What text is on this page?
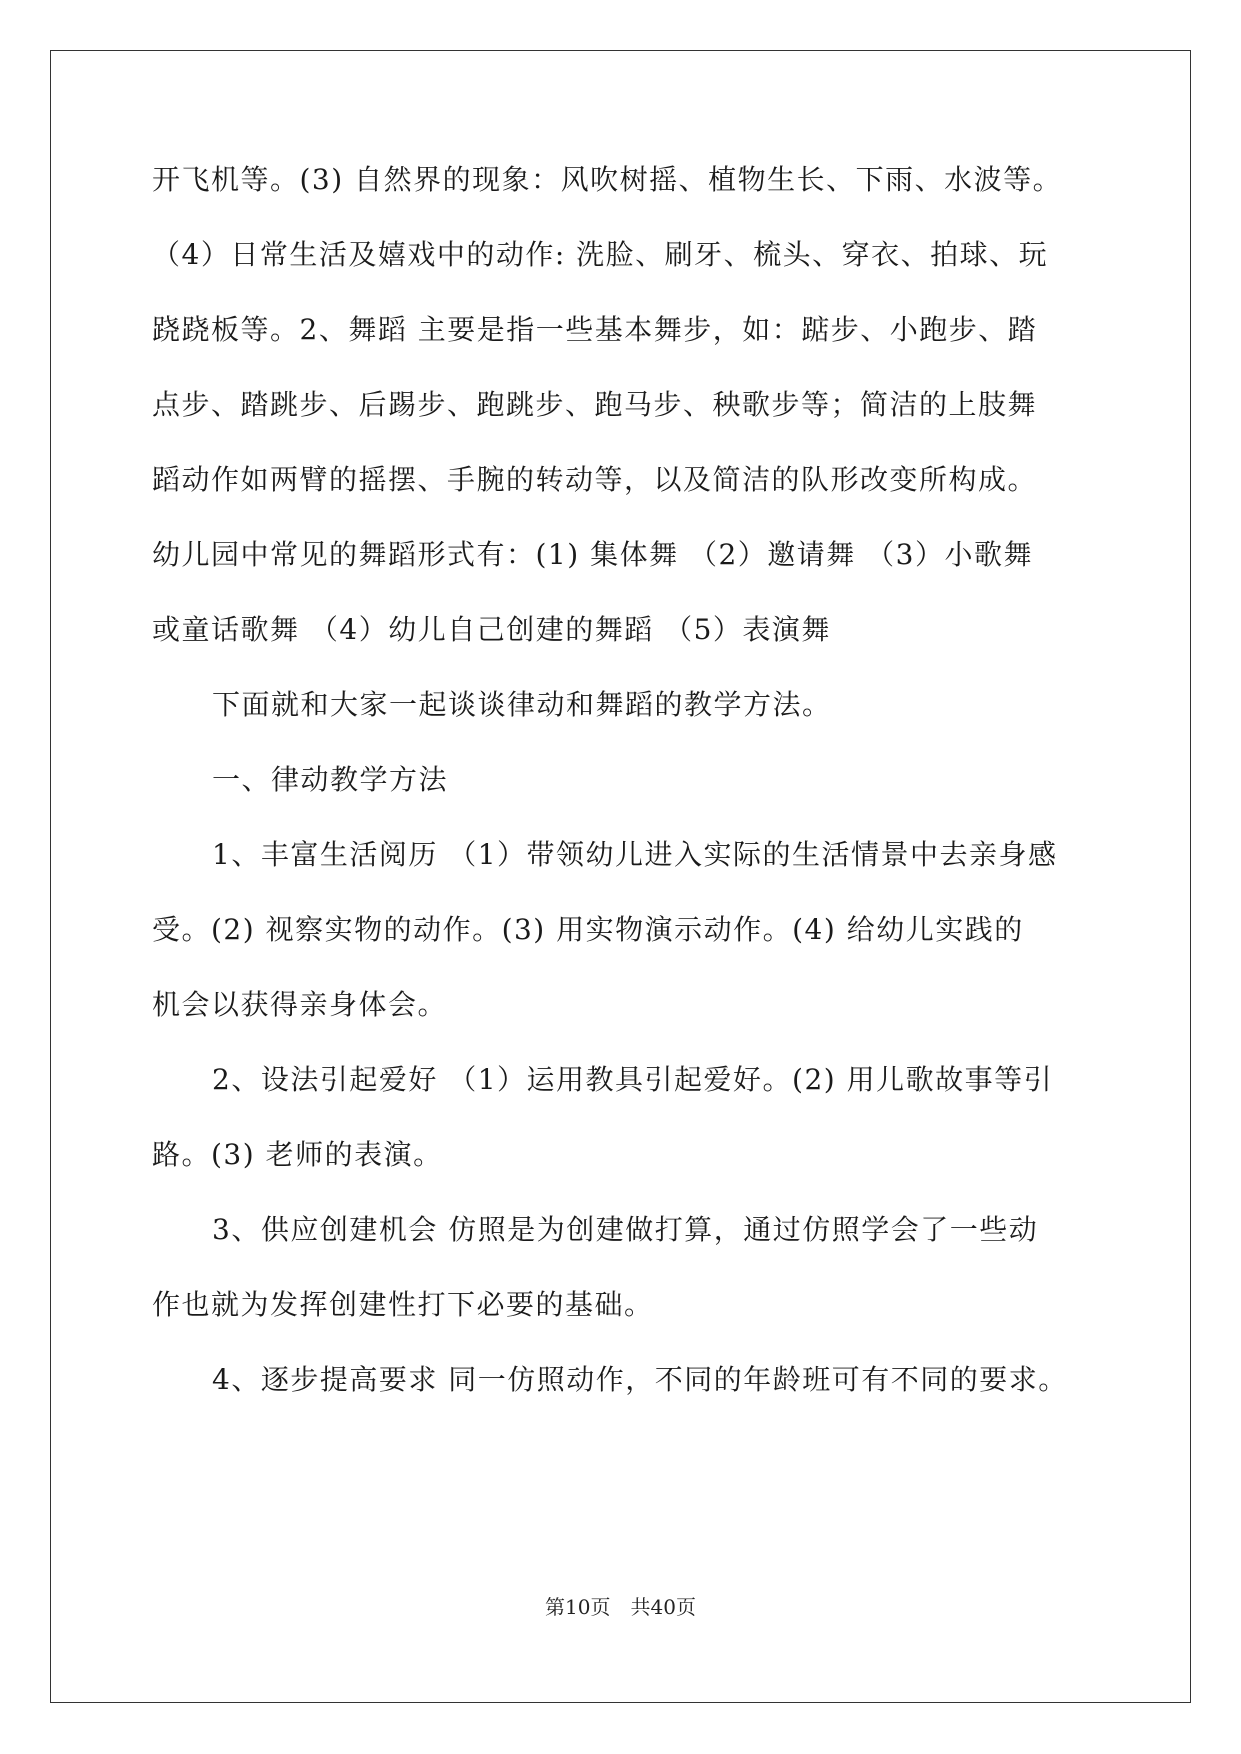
开飞机等。(3) 自然界的现象：风吹树摇、植物生长、下雨、水波等。
（4）日常生活及嬉戏中的动作: 洗脸、刷牙、梳头、穿衣、拍球、玩
跷跷板等。2、舞蹈 主要是指一些基本舞步，如：踮步、小跑步、踏
点步、踏跳步、后踢步、跑跳步、跑马步、秧歌步等；简洁的上肢舞
蹈动作如两臂的摇摆、手腕的转动等，以及简洁的队形改变所构成。
幼儿园中常见的舞蹈形式有：(1) 集体舞 （2）邀请舞 （3）小歌舞
或童话歌舞 （4）幼儿自己创建的舞蹈 （5）表演舞
下面就和大家一起谈谈律动和舞蹈的教学方法。
一、律动教学方法
1、丰富生活阅历 （1）带领幼儿进入实际的生活情景中去亲身感
受。(2) 视察实物的动作。(3) 用实物演示动作。(4) 给幼儿实践的
机会以获得亲身体会。
2、设法引起爱好 （1）运用教具引起爱好。(2) 用儿歌故事等引
路。(3) 老师的表演。
3、供应创建机会 仿照是为创建做打算，通过仿照学会了一些动
作也就为发挥创建性打下必要的基础。
4、逐步提高要求 同一仿照动作，不同的年龄班可有不同的要求。
第10页 共40页
